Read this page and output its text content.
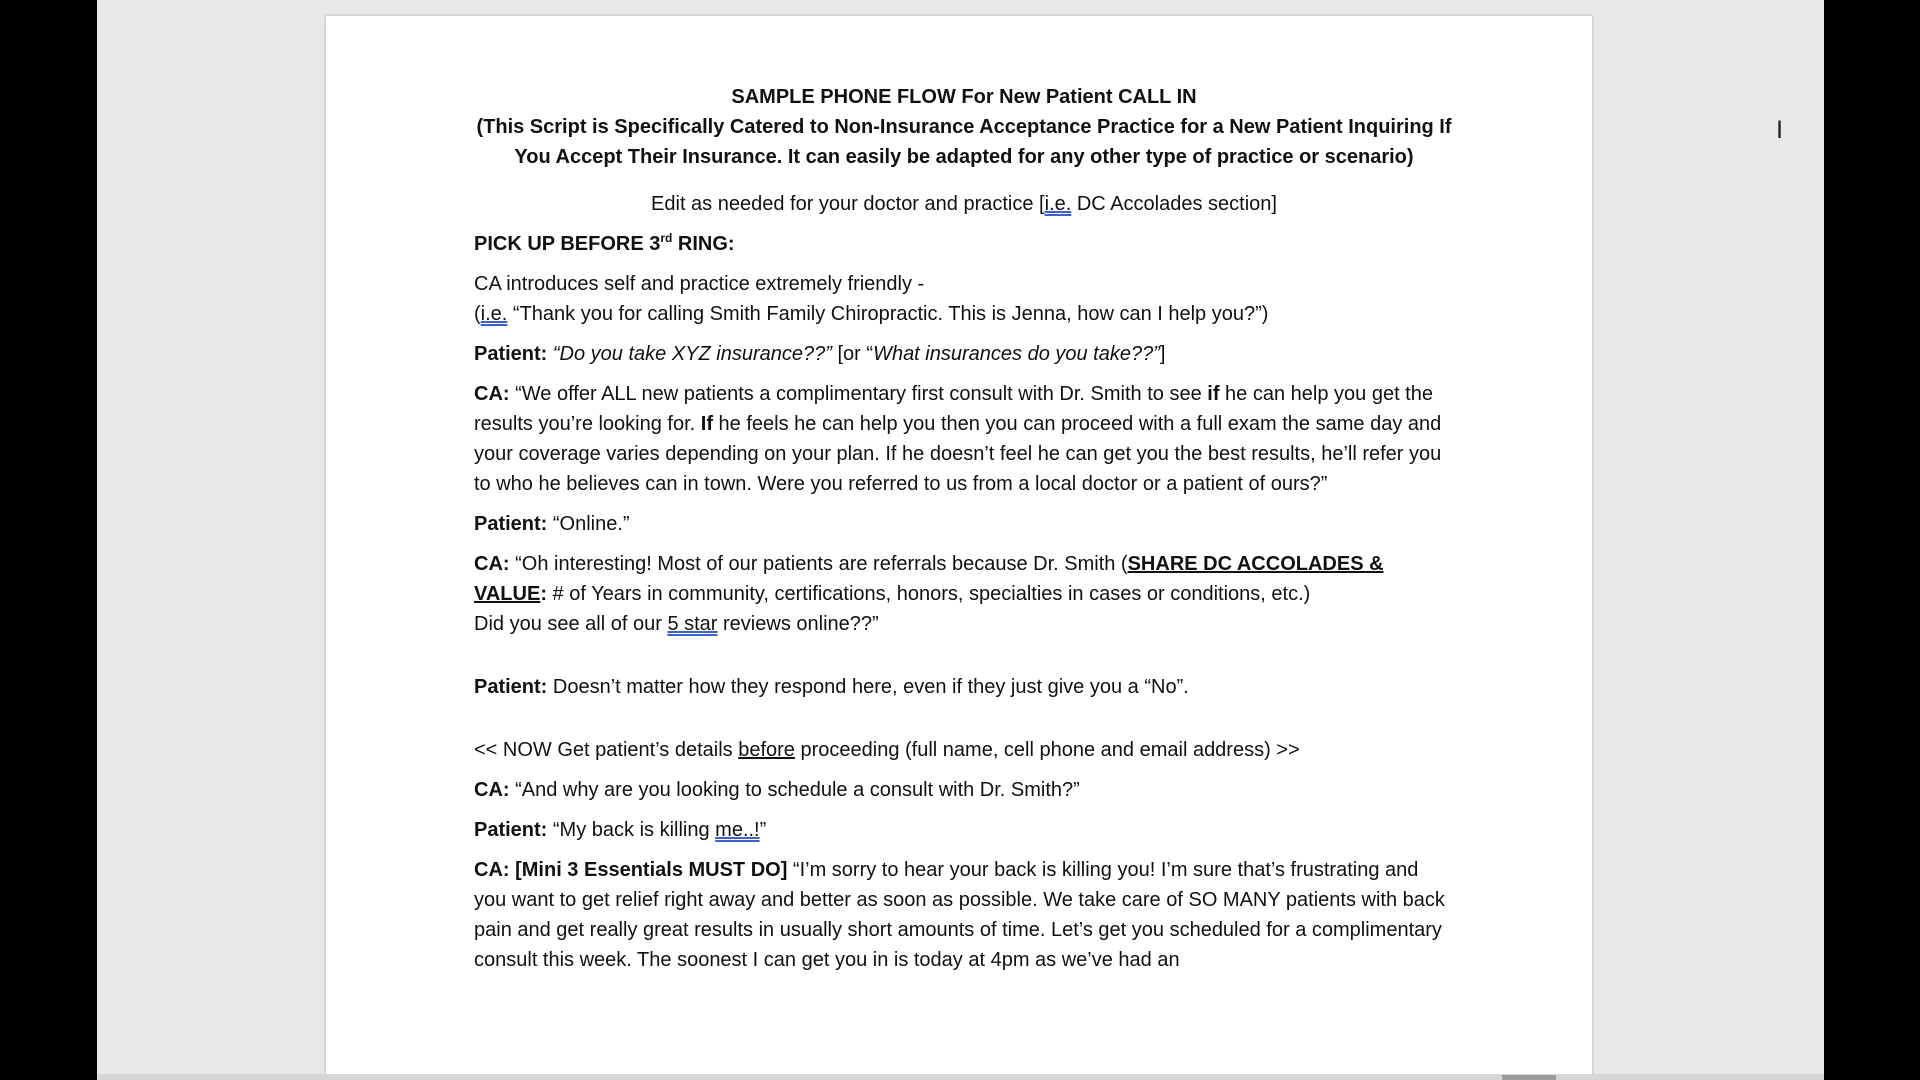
SAMPLE PHONE FLOW For New Patient CALL IN

(This Script is Specifically Catered to Non-Insurance Acceptance Practice for a New Patient Inquiring If

You Accept Their Insurance. It can easily be adapted for any other type of practice or scenario)

Edit as needed for your doctor and practice [i.e. DC Accolades section]

PICK UP BEFORE 3rd RING:

CA introduces self and practice extremely friendly -

(i.e. “Thank you for calling Smith Family Chiropractic. This is Jenna, how can I help you?”)

Patient: “Do you take XYZ insurance??” [or “What insurances do you take??”]

CA: “We offer ALL new patients a complimentary first consult with Dr. Smith to see if he can help you get the results you’re looking for. If he feels he can help you then you can proceed with a full exam the same day and your coverage varies depending on your plan. If he doesn’t feel he can get you the best results, he’ll refer you to who he believes can in town. Were you referred to us from a local doctor or a patient of ours?”

Patient: “Online.”

CA: “Oh interesting! Most of our patients are referrals because Dr. Smith (SHARE DC ACCOLADES & VALUE: # of Years in community, certifications, honors, specialties in cases or conditions, etc.)

Did you see all of our 5 star reviews online??”

Patient: Doesn’t matter how they respond here, even if they just give you a “No”.

<< NOW Get patient’s details before proceeding (full name, cell phone and email address) >>

CA: “And why are you looking to schedule a consult with Dr. Smith?”

Patient: “My back is killing me..!”

CA: [Mini 3 Essentials MUST DO] “I’m sorry to hear your back is killing you! I’m sure that’s frustrating and you want to get relief right away and better as soon as possible. We take care of SO MANY patients with back pain and get really great results in usually short amounts of time. Let’s get you scheduled for a complimentary consult this week. The soonest I can get you in is today at 4pm as we’ve had an

I
